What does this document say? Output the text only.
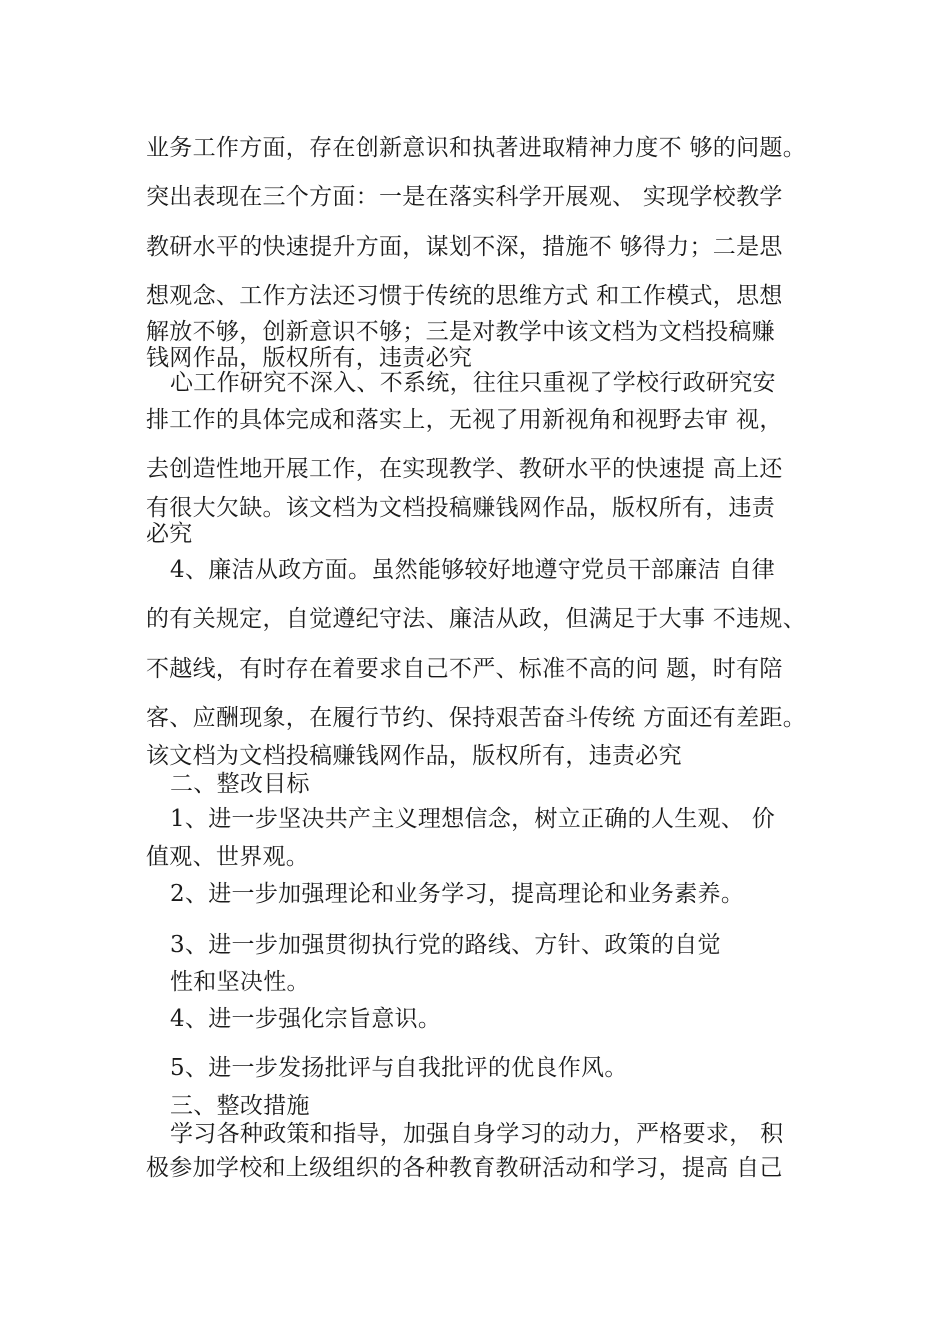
业务工作方面，存在创新意识和执著进取精神力度不 够的问题。
突出表现在三个方面：一是在落实科学开展观、 实现学校教学
教研水平的快速提升方面，谋划不深，措施不 够得力；二是思
想观念、工作方法还习惯于传统的思维方式 和工作模式，思想
解放不够，创新意识不够；三是对教学中该文档为文档投稿赚
钱网作品，版权所有，违责必究
心工作研究不深入、不系统，往往只重视了学校行政研究安
排工作的具体完成和落实上，无视了用新视角和视野去审 视，
去创造性地开展工作，在实现教学、教研水平的快速提 高上还
有很大欠缺。该文档为文档投稿赚钱网作品，版权所有，违责
必究
4、廉洁从政方面。虽然能够较好地遵守党员干部廉洁 自律
的有关规定，自觉遵纪守法、廉洁从政，但满足于大事 不违规、
不越线，有时存在着要求自己不严、标准不高的问 题，时有陪
客、应酬现象，在履行节约、保持艰苦奋斗传统 方面还有差距。
该文档为文档投稿赚钱网作品，版权所有，违责必究
二、整改目标
1、进一步坚决共产主义理想信念，树立正确的人生观、 价
值观、世界观。
2、进一步加强理论和业务学习，提高理论和业务素养。
3、进一步加强贯彻执行党的路线、方针、政策的自觉
性和坚决性。
4、进一步强化宗旨意识。
5、进一步发扬批评与自我批评的优良作风。
三、整改措施
学习各种政策和指导，加强自身学习的动力，严格要求， 积
极参加学校和上级组织的各种教育教研活动和学习，提高 自己
